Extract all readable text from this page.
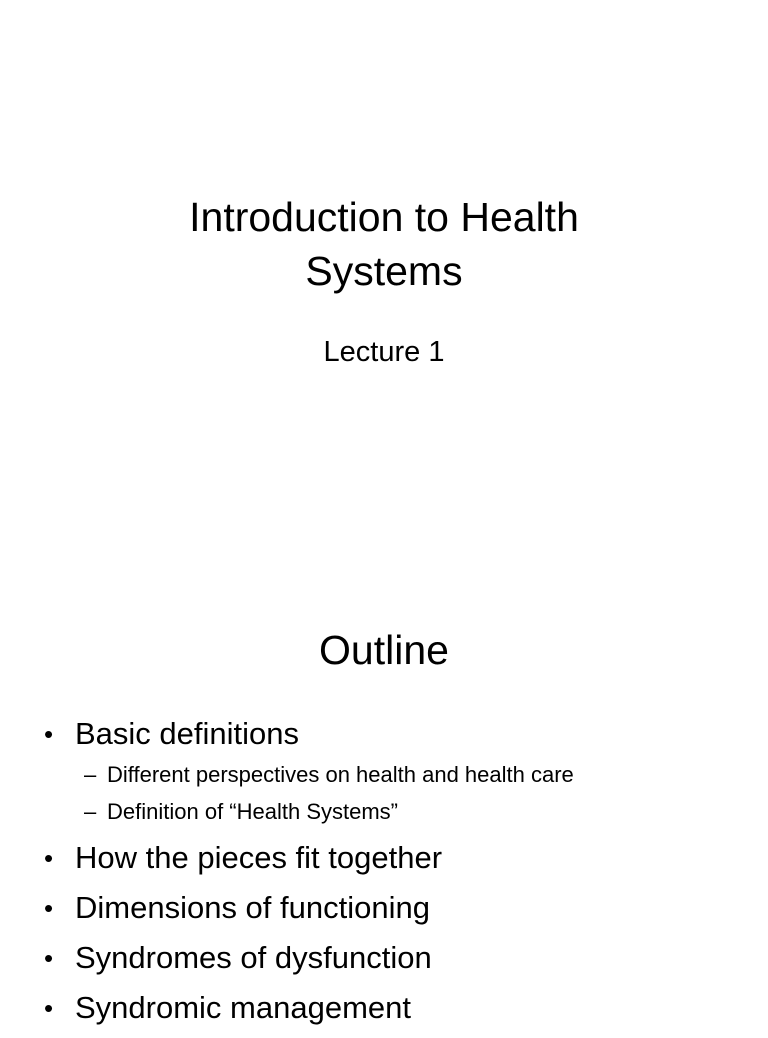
Introduction to Health
Systems
Lecture 1
Outline
• Basic definitions
– Different perspectives on health and health care
– Definition of “Health Systems”
• How the pieces fit together
• Dimensions of functioning
• Syndromes of dysfunction
• Syndromic management
